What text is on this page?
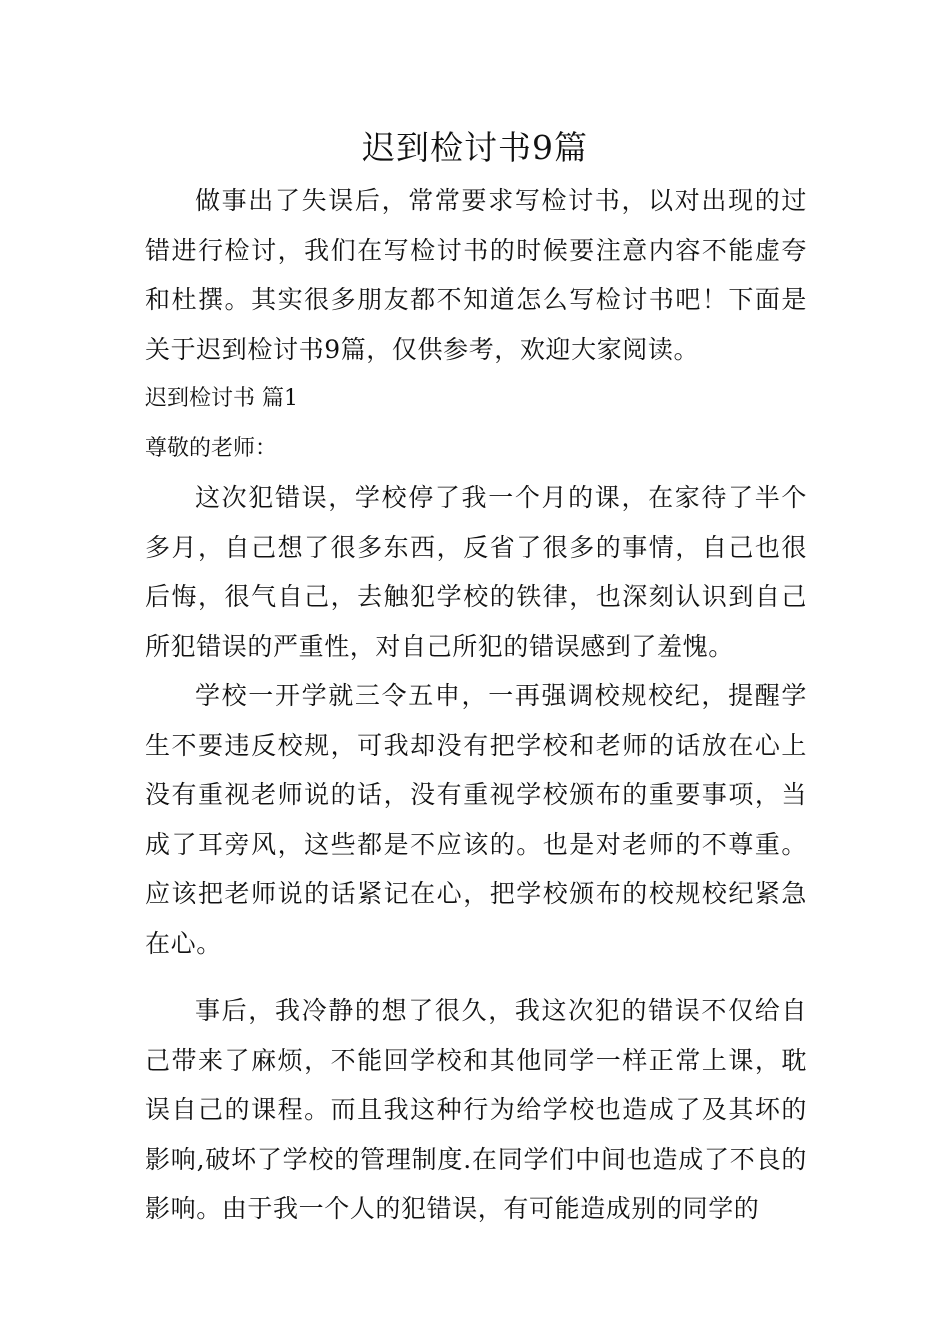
迟到检讨书9篇

做事出了失误后，常常要求写检讨书，以对出现的过错进行检讨，我们在写检讨书的时候要注意内容不能虚夸和杜撰。其实很多朋友都不知道怎么写检讨书吧！下面是关于迟到检讨书9篇，仅供参考，欢迎大家阅读。

迟到检讨书 篇1

尊敬的老师：

这次犯错误，学校停了我一个月的课，在家待了半个多月，自己想了很多东西，反省了很多的事情，自己也很后悔，很气自己，去触犯学校的铁律，也深刻认识到自己所犯错误的严重性，对自己所犯的错误感到了羞愧。

学校一开学就三令五申，一再强调校规校纪，提醒学生不要违反校规，可我却没有把学校和老师的话放在心上没有重视老师说的话，没有重视学校颁布的重要事项，当成了耳旁风，这些都是不应该的。也是对老师的不尊重。应该把老师说的话紧记在心，把学校颁布的校规校纪紧急在心。

事后，我冷静的想了很久，我这次犯的错误不仅给自己带来了麻烦，不能回学校和其他同学一样正常上课，耽误自己的课程。而且我这种行为给学校也造成了及其坏的影响,破坏了学校的管理制度.在同学们中间也造成了不良的影响。由于我一个人的犯错误，有可能造成别的同学的
